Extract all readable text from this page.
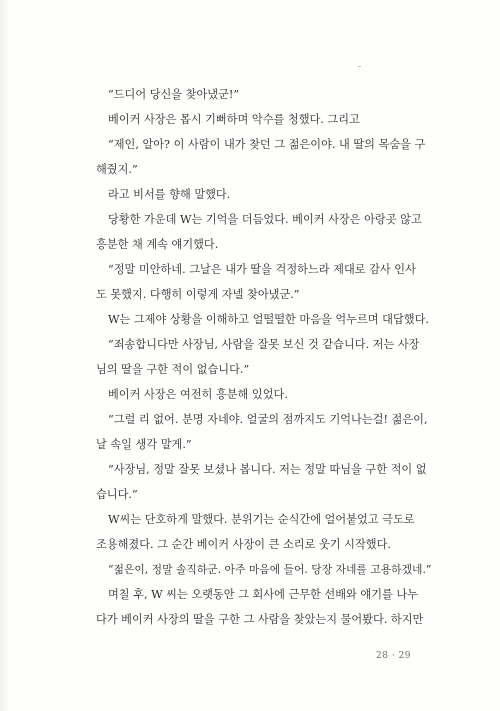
“드디어 당신을 찾아냈군!”
베이커 사장은 몹시 기뻐하며 악수를 청했다. 그리고
“제인, 알아? 이 사람이 내가 찾던 그 젊은이야. 내 딸의 목숨을 구
해줬지.”
라고 비서를 향해 말했다.
당황한 가운데 W는 기억을 더듬었다. 베이커 사장은 아랑곳 않고
흥분한 채 계속 얘기했다.
“정말 미안하네. 그날은 내가 딸을 걱정하느라 제대로 감사 인사
도 못했지. 다행히 이렇게 자넬 찾아냈군.”
W는 그제야 상황을 이해하고 얼떨떨한 마음을 억누르며 대답했다.
“죄송합니다만 사장님, 사람을 잘못 보신 것 같습니다. 저는 사장
님의 딸을 구한 적이 없습니다.”
베이커 사장은 여전히 흥분해 있었다.
“그럴 리 없어. 분명 자네야. 얼굴의 점까지도 기억나는걸! 젊은이,
날 속일 생각 말게.”
“사장님, 정말 잘못 보셨나 봅니다. 저는 정말 따님을 구한 적이 없
습니다.”
W씨는 단호하게 말했다. 분위기는 순식간에 얼어붙었고 극도로
조용해졌다. 그 순간 베이커 사장이 큰 소리로 웃기 시작했다.
“젊은이, 정말 솔직하군. 아주 마음에 들어. 당장 자네를 고용하겠네.”
며칠 후, W 씨는 오랫동안 그 회사에 근무한 선배와 얘기를 나누
다가 베이커 사장의 딸을 구한 그 사람을 찾았는지 물어봤다. 하지만
28 · 29
